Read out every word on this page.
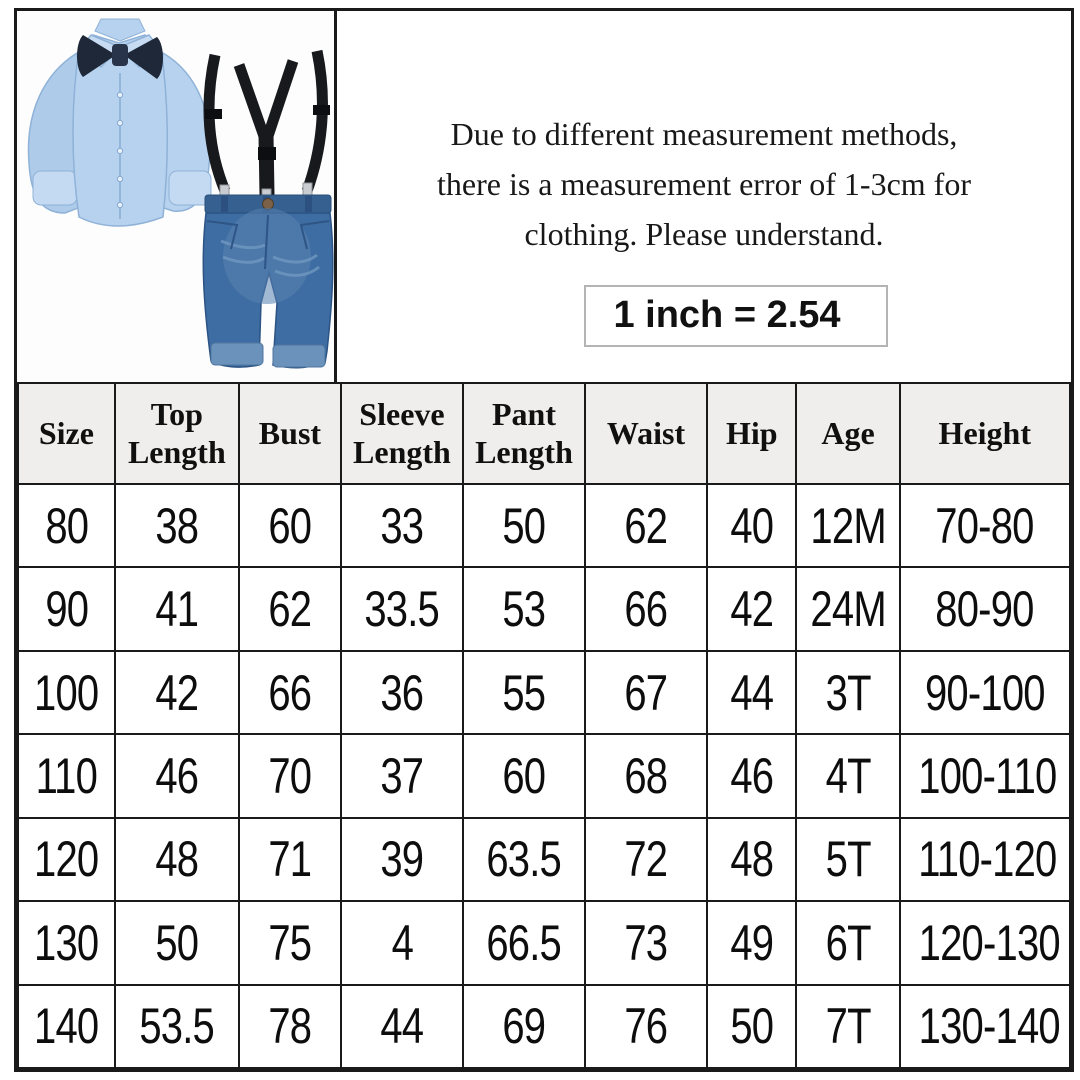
Due to different measurement methods,
there is a measurement error of 1-3cm for
clothing. Please understand.
1 inch = 2.54
Size	Top Length	Bust	Sleeve Length	Pant Length	Waist	Hip	Age	Height
80	38	60	33	50	62	40	12M	70-80
90	41	62	33.5	53	66	42	24M	80-90
100	42	66	36	55	67	44	3T	90-100
110	46	70	37	60	68	46	4T	100-110
120	48	71	39	63.5	72	48	5T	110-120
130	50	75	4	66.5	73	49	6T	120-130
140	53.5	78	44	69	76	50	7T	130-140
